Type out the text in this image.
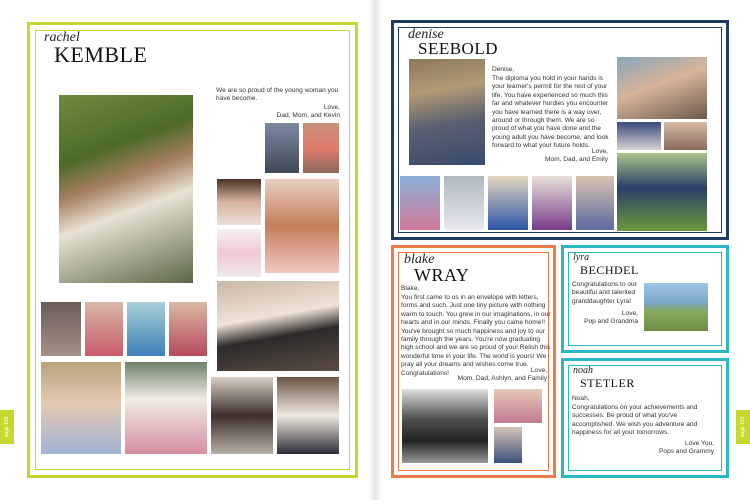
page 168	page 169
rachel
KEMBLE
We are so proud of the young woman you have become.
Love,
Dad, Mom, and Kevin
denise
SEEBOLD
Denise,
The diploma you hold in your hands is your learner's permit for the rest of your life. You have experienced so much this far and whatever hurdles you encounter you have learned there is a way over, around or through them. We are so proud of what you have done and the young adult you have become, and look forward to what your future holds.
Love,
Mom, Dad, and Emily
blake
WRAY
Blake,
You first came to us in an envelope with letters, forms and such. Just one tiny picture with nothing warm to touch. You grew in our imaginations, in our hearts and in our minds. Finally you came home!! You've brought so much happiness and joy to our family through the years. You're now graduating high school and we are so proud of you! Relish this wonderful time in your life. The world is yours! We pray all your dreams and wishes come true. Congratulations!	Love,
Mom, Dad, Ashlyn, and Family
lyra
BECHDEL
Congratulations to our beautiful and talented granddaughter Lyra!
Love,
Pop and Grandma
noah
STETLER
Noah,
Congratulations on your achievements and successes. Be proud of what you've accomplished. We wish you adventure and happiness for all your tomorrows.
Love You,
Pops and Grammy
